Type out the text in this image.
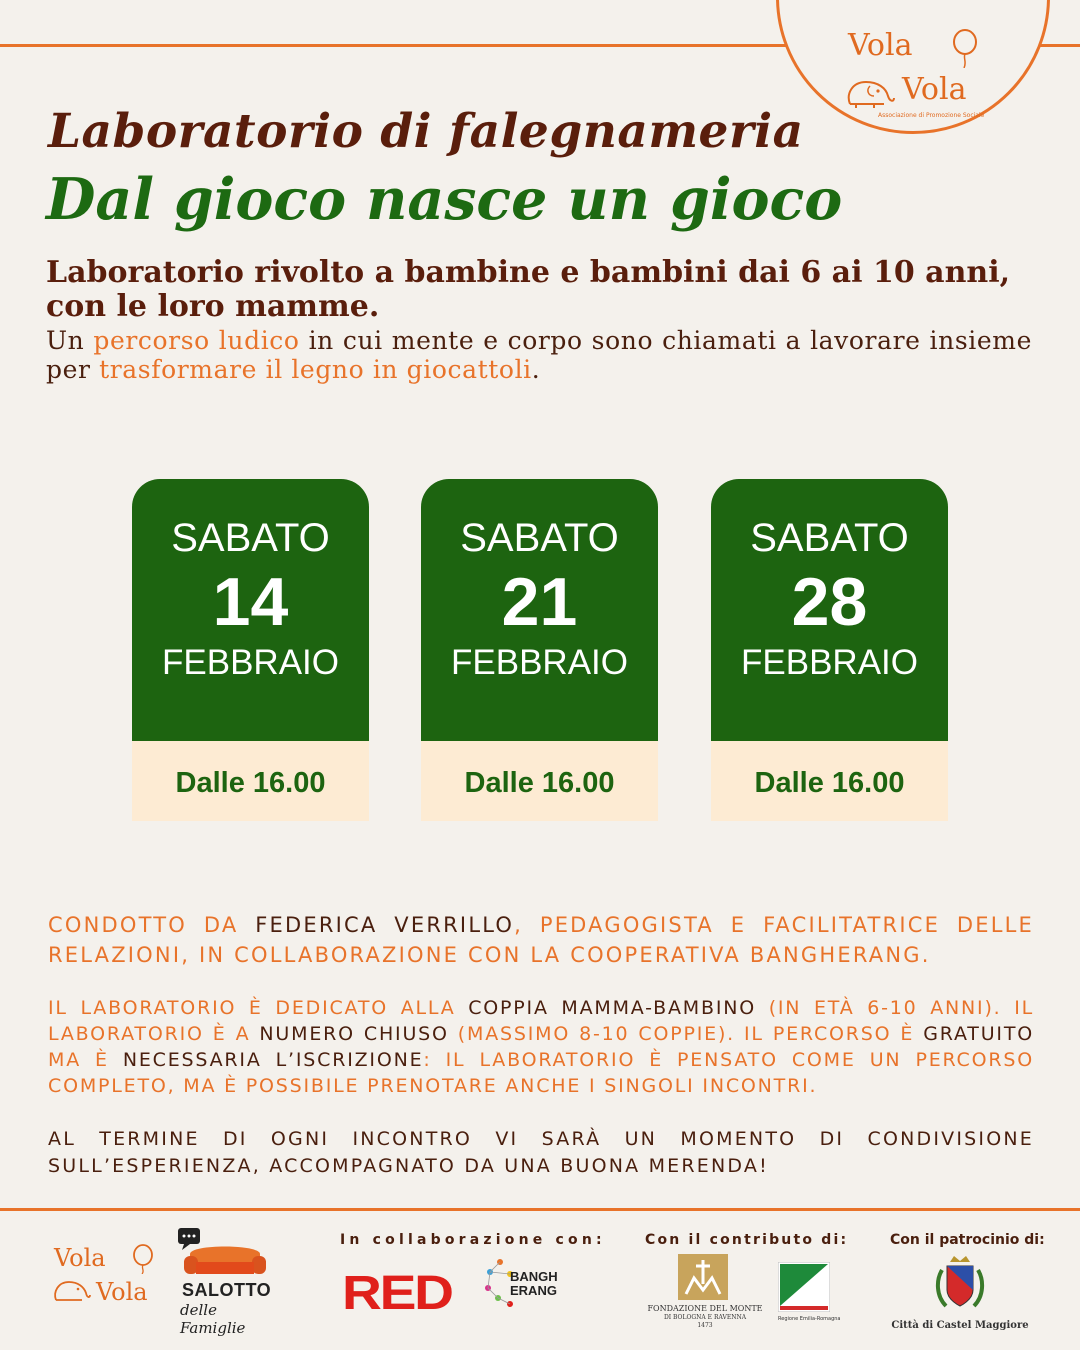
Vola
Vola
Associazione di Promozione Sociale
Laboratorio di falegnameria
Dal gioco nasce un gioco
Laboratorio rivolto a bambine e bambini dai 6 ai 10 anni, con le loro mamme.
Un percorso ludico in cui mente e corpo sono chiamati a lavorare insieme per trasformare il legno in giocattoli.
SABATO
14
FEBBRAIO
Dalle 16.00
SABATO
21
FEBBRAIO
Dalle 16.00
SABATO
28
FEBBRAIO
Dalle 16.00
CONDOTTO DA FEDERICA VERRILLO, PEDAGOGISTA E FACILITATRICE DELLE RELAZIONI, IN COLLABORAZIONE CON LA COOPERATIVA BANGHERANG.
IL LABORATORIO È DEDICATO ALLA COPPIA MAMMA-BAMBINO (IN ETÀ 6-10 ANNI). IL LABORATORIO È A NUMERO CHIUSO (MASSIMO 8-10 COPPIE). IL PERCORSO È GRATUITO MA È NECESSARIA L’ISCRIZIONE: IL LABORATORIO È PENSATO COME UN PERCORSO COMPLETO, MA È POSSIBILE PRENOTARE ANCHE I SINGOLI INCONTRI.
AL TERMINE DI OGNI INCONTRO VI SARÀ UN MOMENTO DI CONDIVISIONE SULL’ESPERIENZA, ACCOMPAGNATO DA UNA BUONA MERENDA!
In collaborazione con:	Con il contributo di:	Con il patrocinio di:
Vola
Vola SALOTTO
delle Famiglie
RED	BANGH
ERANG
FONDAZIONE DEL MONTE
DI BOLOGNA E RAVENNA
1473
Regione Emilia-Romagna
Città di Castel Maggiore
